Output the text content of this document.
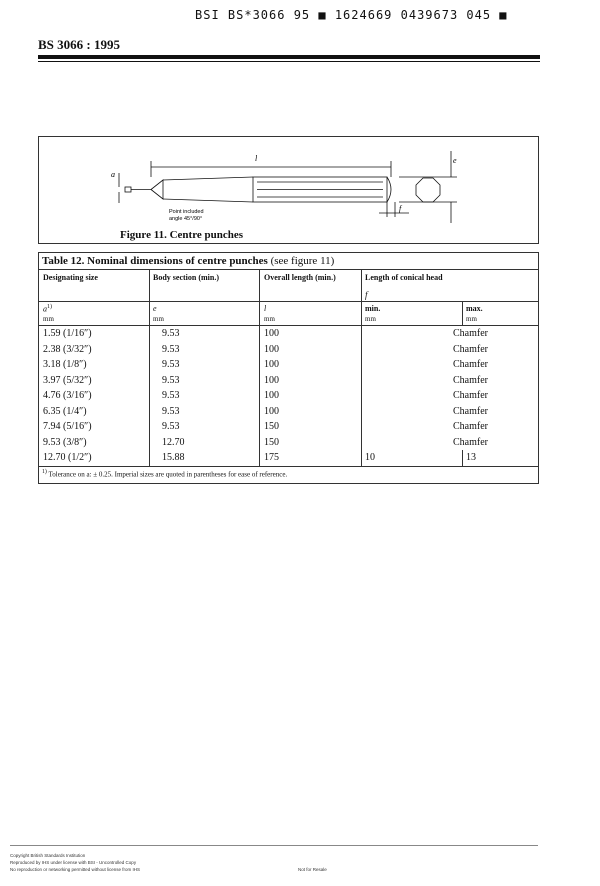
BSI BS*3066 95 ■ 1624669 0439673 045 ■
BS 3066 : 1995
l	e
f
a
Point included
angle 45°/90°
Figure 11. Centre punches
Table 12. Nominal dimensions of centre punches (see figure 11)				
Designating size	Body section (min.)	Overall length (min.)	Length of conical head
f	

$a^{1)}$	e	l	min.	max.
mm	mm	mm	mm	mm
1.59 (1/16″)	9.53	100	Chamfer	
2.38 (3/32″)	9.53	100	Chamfer	
3.18 (1/8″)	9.53	100	Chamfer	
3.97 (5/32″)	9.53	100	Chamfer	
4.76 (3/16″)	9.53	100	Chamfer	
6.35 (1/4″)	9.53	100	Chamfer	
7.94 (5/16″)	9.53	150	Chamfer	
9.53 (3/8″)	12.70	150	Chamfer	
12.70 (1/2″)	15.88	175	10	13
$^{1)}$ Tolerance on a: ± 0.25. Imperial sizes are quoted in parentheses for ease of reference.				
Copyright British Standards Institution
Reproduced by IHS under license with BSI - Uncontrolled Copy
No reproduction or networking permitted without license from IHS	Not for Resale
